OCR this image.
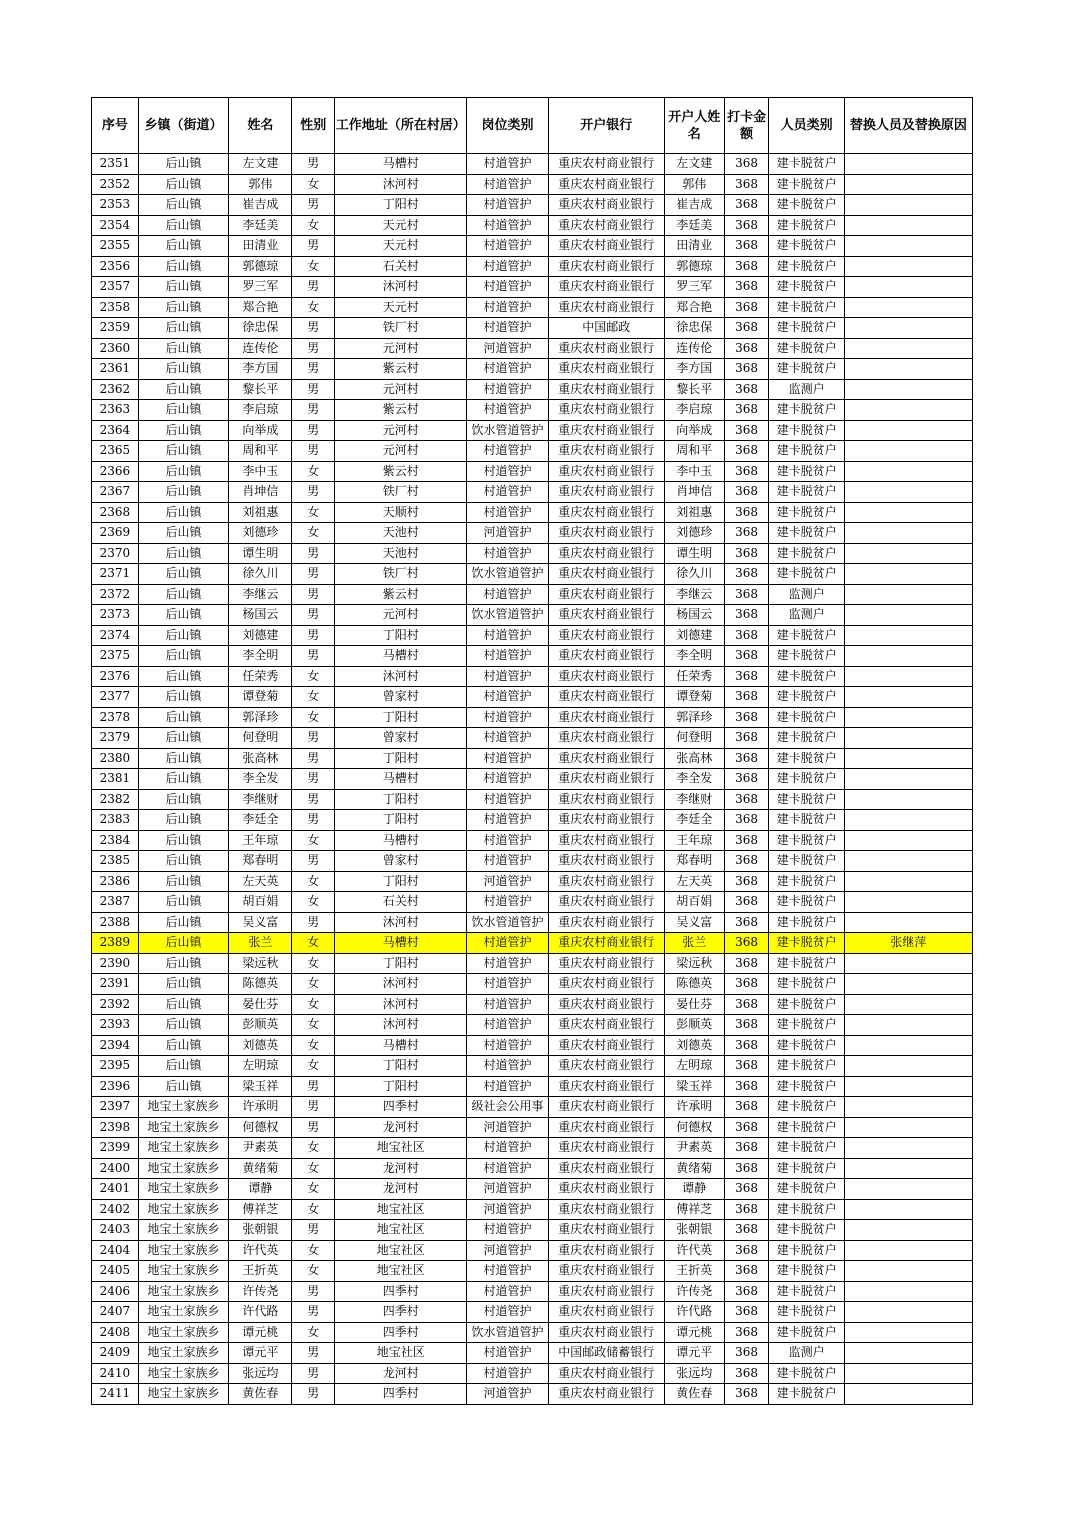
序号	乡镇（街道）	姓名	性别	工作地址（所在村居）	岗位类别	开户银行	开户人姓名	打卡金额	人员类别	替换人员及替换原因
2351	后山镇	左文建	男	马槽村	村道管护	重庆农村商业银行	左文建	368	建卡脱贫户	
2352	后山镇	郭伟	女	沐河村	村道管护	重庆农村商业银行	郭伟	368	建卡脱贫户	
2353	后山镇	崔吉成	男	丁阳村	村道管护	重庆农村商业银行	崔吉成	368	建卡脱贫户	
2354	后山镇	李廷美	女	天元村	村道管护	重庆农村商业银行	李廷美	368	建卡脱贫户	
2355	后山镇	田清业	男	天元村	村道管护	重庆农村商业银行	田清业	368	建卡脱贫户	
2356	后山镇	郭德琼	女	石关村	村道管护	重庆农村商业银行	郭德琼	368	建卡脱贫户	
2357	后山镇	罗三军	男	沐河村	村道管护	重庆农村商业银行	罗三军	368	建卡脱贫户	
2358	后山镇	郑合艳	女	天元村	村道管护	重庆农村商业银行	郑合艳	368	建卡脱贫户	
2359	后山镇	徐忠保	男	铁厂村	村道管护	中国邮政	徐忠保	368	建卡脱贫户	
2360	后山镇	连传伦	男	元河村	河道管护	重庆农村商业银行	连传伦	368	建卡脱贫户	
2361	后山镇	李方国	男	紫云村	村道管护	重庆农村商业银行	李方国	368	建卡脱贫户	
2362	后山镇	黎长平	男	元河村	村道管护	重庆农村商业银行	黎长平	368	监测户	
2363	后山镇	李启琼	男	紫云村	村道管护	重庆农村商业银行	李启琼	368	建卡脱贫户	
2364	后山镇	向举成	男	元河村	饮水管道管护	重庆农村商业银行	向举成	368	建卡脱贫户	
2365	后山镇	周和平	男	元河村	村道管护	重庆农村商业银行	周和平	368	建卡脱贫户	
2366	后山镇	李中玉	女	紫云村	村道管护	重庆农村商业银行	李中玉	368	建卡脱贫户	
2367	后山镇	肖坤信	男	铁厂村	村道管护	重庆农村商业银行	肖坤信	368	建卡脱贫户	
2368	后山镇	刘祖惠	女	天顺村	村道管护	重庆农村商业银行	刘祖惠	368	建卡脱贫户	
2369	后山镇	刘德珍	女	天池村	河道管护	重庆农村商业银行	刘德珍	368	建卡脱贫户	
2370	后山镇	谭生明	男	天池村	村道管护	重庆农村商业银行	谭生明	368	建卡脱贫户	
2371	后山镇	徐久川	男	铁厂村	饮水管道管护	重庆农村商业银行	徐久川	368	建卡脱贫户	
2372	后山镇	李继云	男	紫云村	村道管护	重庆农村商业银行	李继云	368	监测户	
2373	后山镇	杨国云	男	元河村	饮水管道管护	重庆农村商业银行	杨国云	368	监测户	
2374	后山镇	刘德建	男	丁阳村	村道管护	重庆农村商业银行	刘德建	368	建卡脱贫户	
2375	后山镇	李全明	男	马槽村	村道管护	重庆农村商业银行	李全明	368	建卡脱贫户	
2376	后山镇	任荣秀	女	沐河村	村道管护	重庆农村商业银行	任荣秀	368	建卡脱贫户	
2377	后山镇	谭登菊	女	曾家村	村道管护	重庆农村商业银行	谭登菊	368	建卡脱贫户	
2378	后山镇	郭泽珍	女	丁阳村	村道管护	重庆农村商业银行	郭泽珍	368	建卡脱贫户	
2379	后山镇	何登明	男	曾家村	村道管护	重庆农村商业银行	何登明	368	建卡脱贫户	
2380	后山镇	张高林	男	丁阳村	村道管护	重庆农村商业银行	张高林	368	建卡脱贫户	
2381	后山镇	李全发	男	马槽村	村道管护	重庆农村商业银行	李全发	368	建卡脱贫户	
2382	后山镇	李继财	男	丁阳村	村道管护	重庆农村商业银行	李继财	368	建卡脱贫户	
2383	后山镇	李廷全	男	丁阳村	村道管护	重庆农村商业银行	李廷全	368	建卡脱贫户	
2384	后山镇	王年琼	女	马槽村	村道管护	重庆农村商业银行	王年琼	368	建卡脱贫户	
2385	后山镇	郑春明	男	曾家村	村道管护	重庆农村商业银行	郑春明	368	建卡脱贫户	
2386	后山镇	左天英	女	丁阳村	河道管护	重庆农村商业银行	左天英	368	建卡脱贫户	
2387	后山镇	胡百娟	女	石关村	村道管护	重庆农村商业银行	胡百娟	368	建卡脱贫户	
2388	后山镇	吴义富	男	沐河村	饮水管道管护	重庆农村商业银行	吴义富	368	建卡脱贫户	
2389	后山镇	张兰	女	马槽村	村道管护	重庆农村商业银行	张兰	368	建卡脱贫户	张继萍
2390	后山镇	梁远秋	女	丁阳村	村道管护	重庆农村商业银行	梁远秋	368	建卡脱贫户	
2391	后山镇	陈德英	女	沐河村	村道管护	重庆农村商业银行	陈德英	368	建卡脱贫户	
2392	后山镇	晏仕芬	女	沐河村	村道管护	重庆农村商业银行	晏仕芬	368	建卡脱贫户	
2393	后山镇	彭顺英	女	沐河村	村道管护	重庆农村商业银行	彭顺英	368	建卡脱贫户	
2394	后山镇	刘德英	女	马槽村	村道管护	重庆农村商业银行	刘德英	368	建卡脱贫户	
2395	后山镇	左明琼	女	丁阳村	村道管护	重庆农村商业银行	左明琼	368	建卡脱贫户	
2396	后山镇	梁玉祥	男	丁阳村	村道管护	重庆农村商业银行	梁玉祥	368	建卡脱贫户	
2397	地宝土家族乡	许承明	男	四季村	级社会公用事	重庆农村商业银行	许承明	368	建卡脱贫户	
2398	地宝土家族乡	何德权	男	龙河村	河道管护	重庆农村商业银行	何德权	368	建卡脱贫户	
2399	地宝土家族乡	尹素英	女	地宝社区	村道管护	重庆农村商业银行	尹素英	368	建卡脱贫户	
2400	地宝土家族乡	黄绪菊	女	龙河村	村道管护	重庆农村商业银行	黄绪菊	368	建卡脱贫户	
2401	地宝土家族乡	谭静	女	龙河村	河道管护	重庆农村商业银行	谭静	368	建卡脱贫户	
2402	地宝土家族乡	傅祥芝	女	地宝社区	河道管护	重庆农村商业银行	傅祥芝	368	建卡脱贫户	
2403	地宝土家族乡	张朝银	男	地宝社区	村道管护	重庆农村商业银行	张朝银	368	建卡脱贫户	
2404	地宝土家族乡	许代英	女	地宝社区	河道管护	重庆农村商业银行	许代英	368	建卡脱贫户	
2405	地宝土家族乡	王折英	女	地宝社区	村道管护	重庆农村商业银行	王折英	368	建卡脱贫户	
2406	地宝土家族乡	许传尧	男	四季村	村道管护	重庆农村商业银行	许传尧	368	建卡脱贫户	
2407	地宝土家族乡	许代路	男	四季村	村道管护	重庆农村商业银行	许代路	368	建卡脱贫户	
2408	地宝土家族乡	谭元桃	女	四季村	饮水管道管护	重庆农村商业银行	谭元桃	368	建卡脱贫户	
2409	地宝土家族乡	谭元平	男	地宝社区	村道管护	中国邮政储蓄银行	谭元平	368	监测户	
2410	地宝土家族乡	张远均	男	龙河村	村道管护	重庆农村商业银行	张远均	368	建卡脱贫户	
2411	地宝土家族乡	黄佐春	男	四季村	河道管护	重庆农村商业银行	黄佐春	368	建卡脱贫户	
